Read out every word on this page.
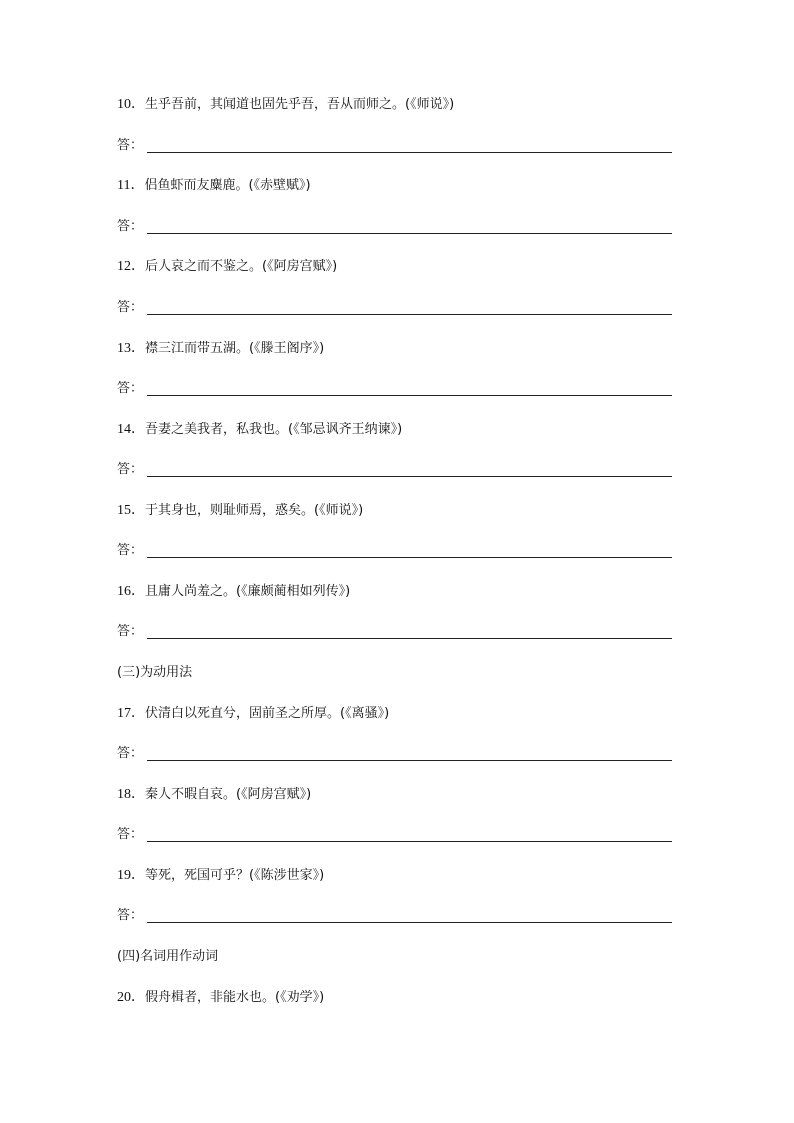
10．生乎吾前，其闻道也固先乎吾，吾从而师之。(《师说》)
答：
11．侣鱼虾而友麋鹿。(《赤壁赋》)
答：
12．后人哀之而不鉴之。(《阿房宫赋》)
答：
13．襟三江而带五湖。(《滕王阁序》)
答：
14．吾妻之美我者，私我也。(《邹忌讽齐王纳谏》)
答：
15．于其身也，则耻师焉，惑矣。(《师说》)
答：
16．且庸人尚羞之。(《廉颇蔺相如列传》)
答：
(三)为动用法
17．伏清白以死直兮，固前圣之所厚。(《离骚》)
答：
18．秦人不暇自哀。(《阿房宫赋》)
答：
19．等死，死国可乎？(《陈涉世家》)
答：
(四)名词用作动词
20．假舟楫者，非能水也。(《劝学》)
